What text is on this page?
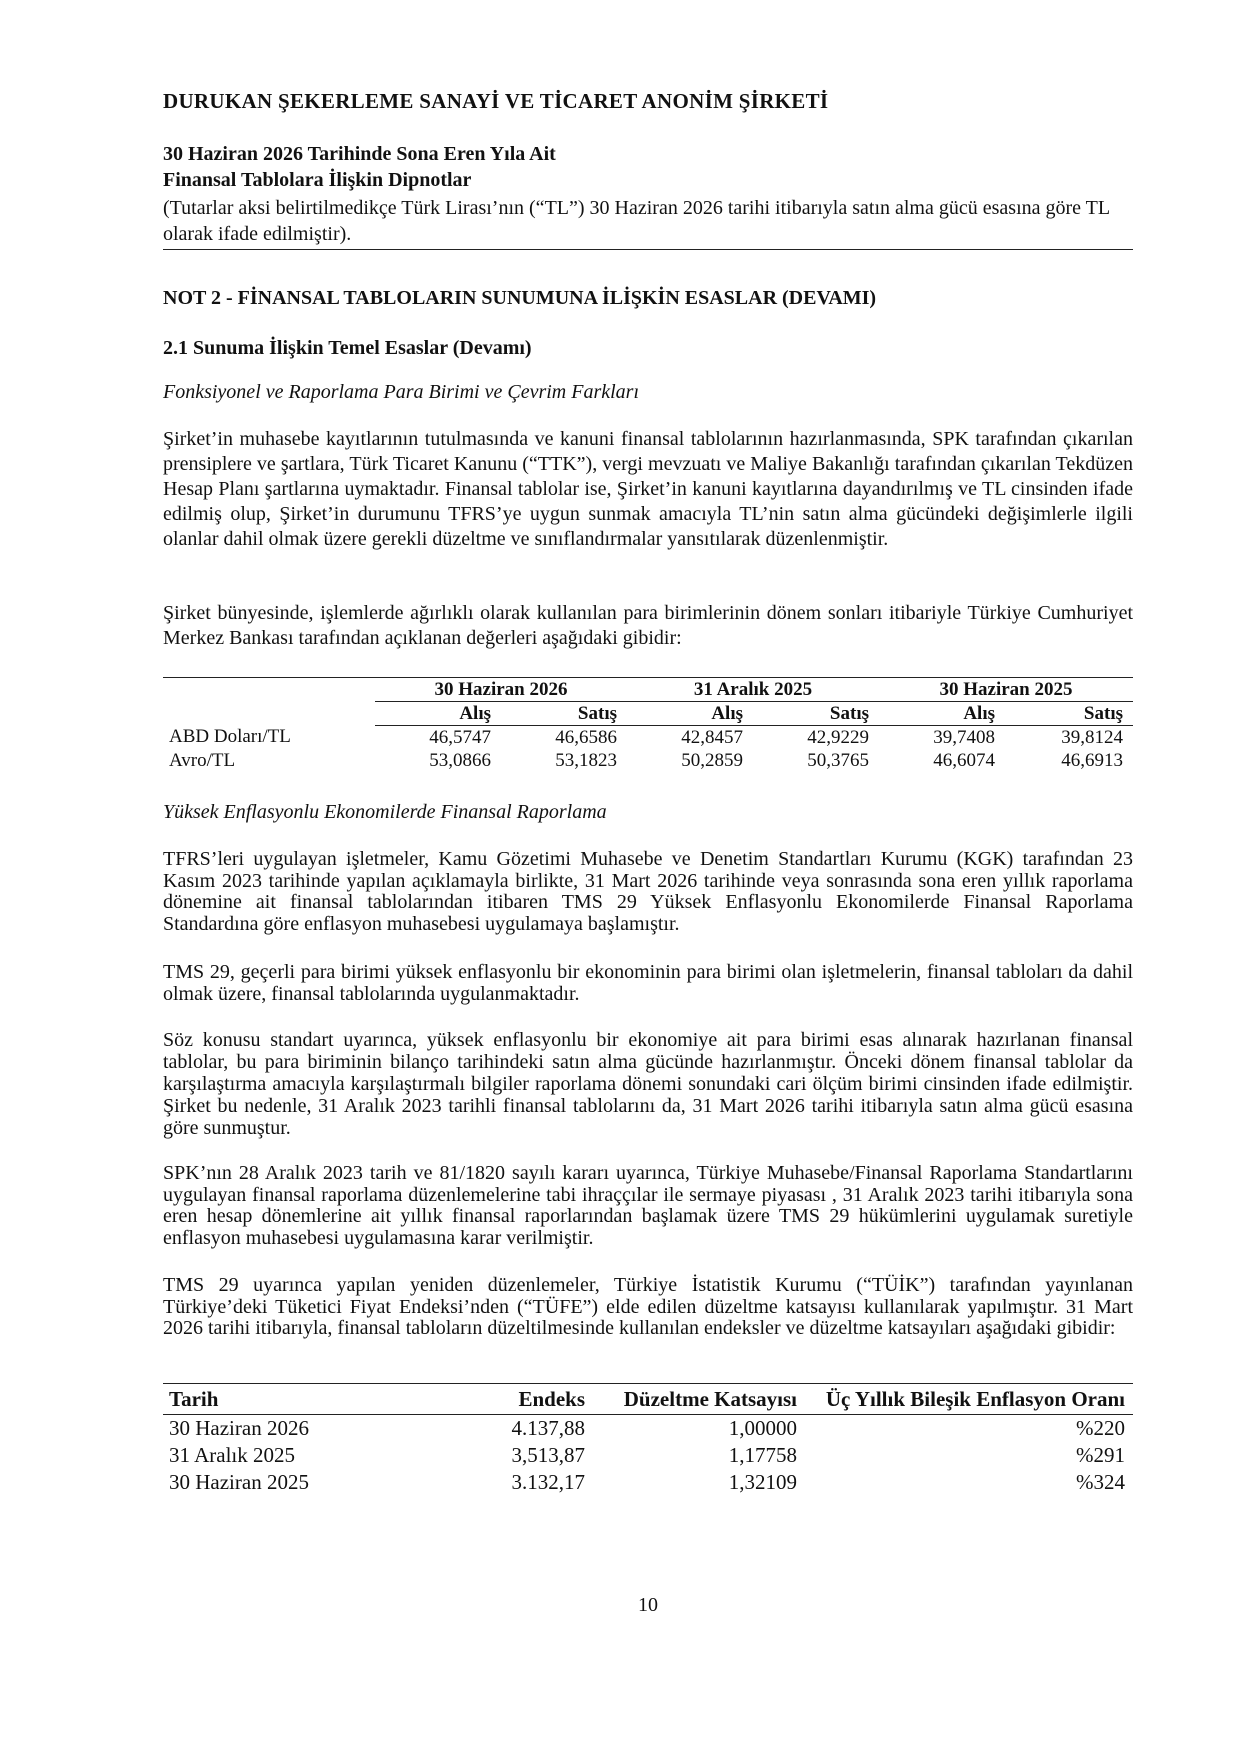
DURUKAN ŞEKERLEME SANAYİ VE TİCARET ANONİM ŞİRKETİ
30 Haziran 2026 Tarihinde Sona Eren Yıla Ait
Finansal Tablolara İlişkin Dipnotlar
(Tutarlar aksi belirtilmedikçe Türk Lirası’nın (“TL”) 30 Haziran 2026 tarihi itibarıyla satın alma gücü esasına göre TL olarak ifade edilmiştir).
NOT 2 - FİNANSAL TABLOLARIN SUNUMUNA İLİŞKİN ESASLAR (DEVAMI)
2.1 Sunuma İlişkin Temel Esaslar (Devamı)
Fonksiyonel ve Raporlama Para Birimi ve Çevrim Farkları

Şirket’in muhasebe kayıtlarının tutulmasında ve kanuni finansal tablolarının hazırlanmasında, SPK tarafından çıkarılan prensiplere ve şartlara, Türk Ticaret Kanunu (“TTK”), vergi mevzuatı ve Maliye Bakanlığı tarafından çıkarılan Tekdüzen Hesap Planı şartlarına uymaktadır. Finansal tablolar ise, Şirket’in kanuni kayıtlarına dayandırılmış ve TL cinsinden ifade edilmiş olup, Şirket’in durumunu TFRS’ye uygun sunmak amacıyla TL’nin satın alma gücündeki değişimlerle ilgili olanlar dahil olmak üzere gerekli düzeltme ve sınıflandırmalar yansıtılarak düzenlenmiştir.

Şirket bünyesinde, işlemlerde ağırlıklı olarak kullanılan para birimlerinin dönem sonları itibariyle Türkiye Cumhuriyet Merkez Bankası tarafından açıklanan değerleri aşağıdaki gibidir:

	30 Haziran 2026		31 Aralık 2025		30 Haziran 2025	
	Alış	Satış	Alış	Satış	Alış	Satış
ABD Doları/TL	46,5747	46,6586	42,8457	42,9229	39,7408	39,8124
Avro/TL	53,0866	53,1823	50,2859	50,3765	46,6074	46,6913
Yüksek Enflasyonlu Ekonomilerde Finansal Raporlama

TFRS’leri uygulayan işletmeler, Kamu Gözetimi Muhasebe ve Denetim Standartları Kurumu (KGK) tarafından 23 Kasım 2023 tarihinde yapılan açıklamayla birlikte, 31 Mart 2026 tarihinde veya sonrasında sona eren yıllık raporlama dönemine ait finansal tablolarından itibaren TMS 29 Yüksek Enflasyonlu Ekonomilerde Finansal Raporlama Standardına göre enflasyon muhasebesi uygulamaya başlamıştır.

TMS 29, geçerli para birimi yüksek enflasyonlu bir ekonominin para birimi olan işletmelerin, finansal tabloları da dahil olmak üzere, finansal tablolarında uygulanmaktadır.

Söz konusu standart uyarınca, yüksek enflasyonlu bir ekonomiye ait para birimi esas alınarak hazırlanan finansal tablolar, bu para biriminin bilanço tarihindeki satın alma gücünde hazırlanmıştır. Önceki dönem finansal tablolar da karşılaştırma amacıyla karşılaştırmalı bilgiler raporlama dönemi sonundaki cari ölçüm birimi cinsinden ifade edilmiştir. Şirket bu nedenle, 31 Aralık 2023 tarihli finansal tablolarını da, 31 Mart 2026 tarihi itibarıyla satın alma gücü esasına göre sunmuştur.

SPK’nın 28 Aralık 2023 tarih ve 81/1820 sayılı kararı uyarınca, Türkiye Muhasebe/Finansal Raporlama Standartlarını uygulayan finansal raporlama düzenlemelerine tabi ihraççılar ile sermaye piyasası , 31 Aralık 2023 tarihi itibarıyla sona eren hesap dönemlerine ait yıllık finansal raporlarından başlamak üzere TMS 29 hükümlerini uygulamak suretiyle enflasyon muhasebesi uygulamasına karar verilmiştir.

TMS 29 uyarınca yapılan yeniden düzenlemeler, Türkiye İstatistik Kurumu (“TÜİK”) tarafından yayınlanan Türkiye’deki Tüketici Fiyat Endeksi’nden (“TÜFE”) elde edilen düzeltme katsayısı kullanılarak yapılmıştır. 31 Mart 2026 tarihi itibarıyla, finansal tabloların düzeltilmesinde kullanılan endeksler ve düzeltme katsayıları aşağıdaki gibidir:

Tarih	Endeks	Düzeltme Katsayısı	Üç Yıllık Bileşik Enflasyon Oranı
30 Haziran 2026	4.137,88	1,00000	%220
31 Aralık 2025	3,513,87	1,17758	%291
30 Haziran 2025	3.132,17	1,32109	%324
10
